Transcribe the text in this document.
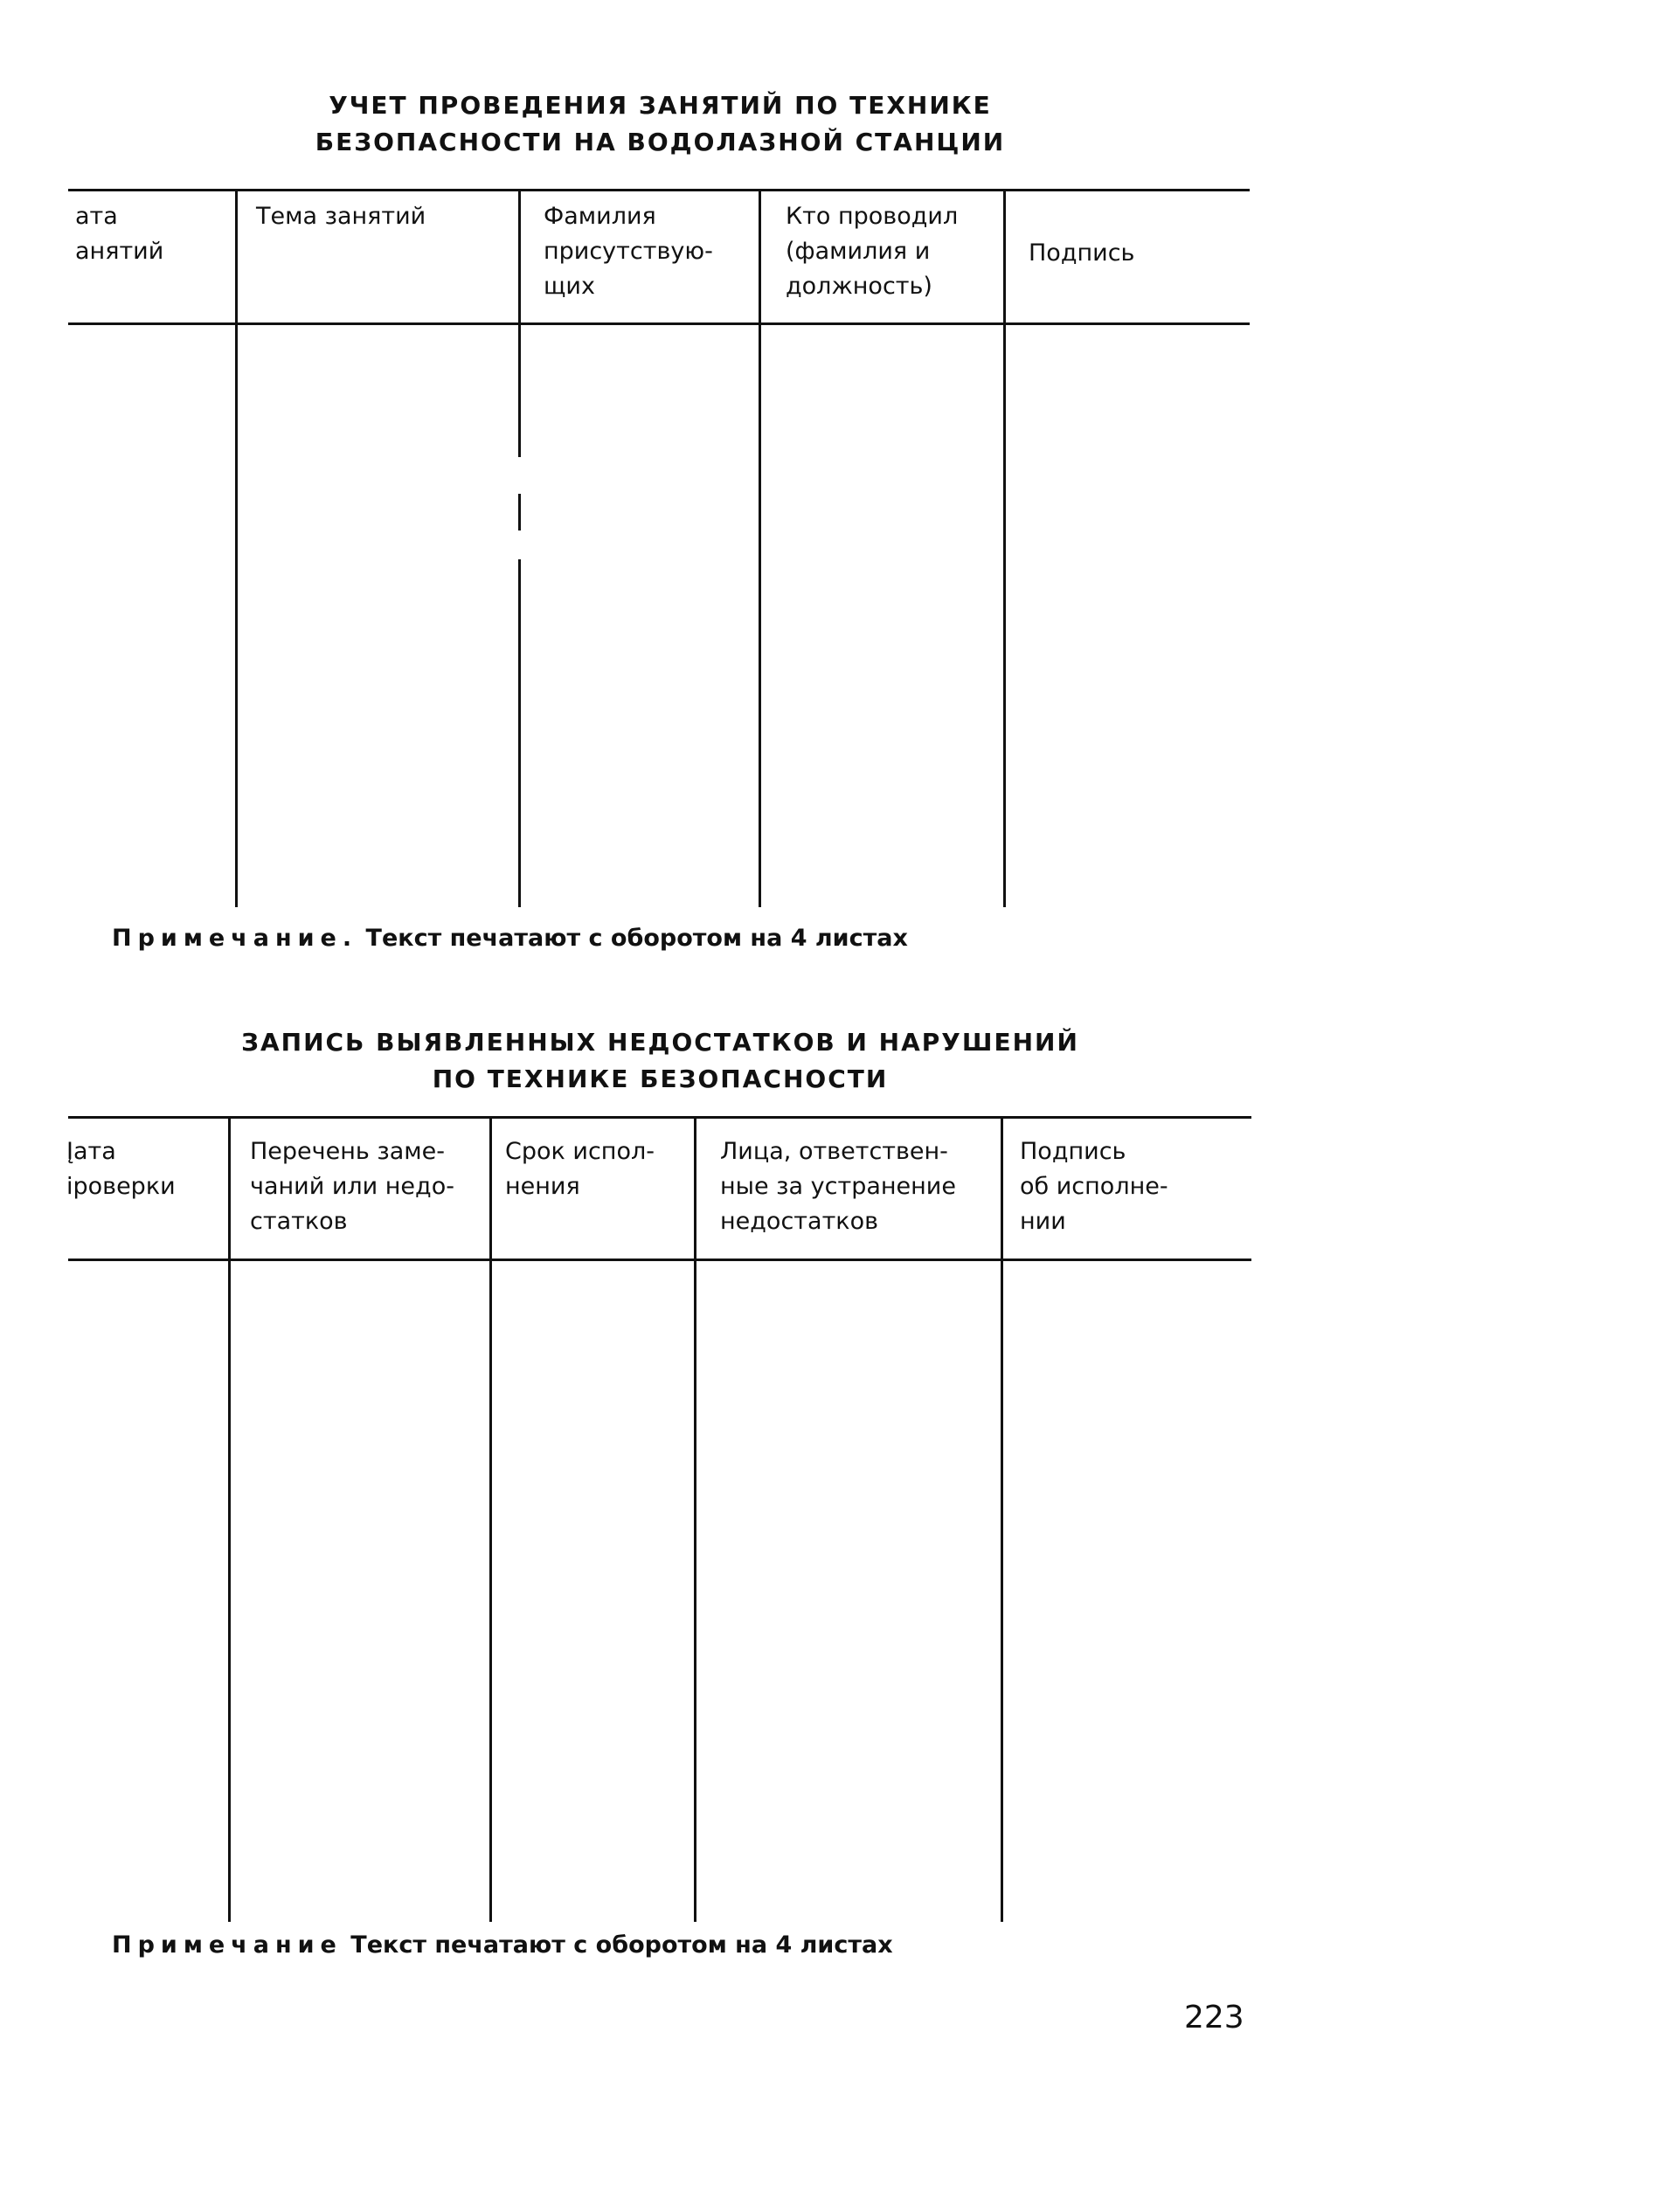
УЧЕТ ПРОВЕДЕНИЯ ЗАНЯТИЙ ПО ТЕХНИКЕ
БЕЗОПАСНОСТИ НА ВОДОЛАЗНОЙ СТАНЦИИ
ата
анятий
Тема занятий	Фамилия
присутствую-
щих
Кто проводил
(фамилия и
должность)
Подпись
Примечание. Текст печатают с оборотом на 4 листах
ЗАПИСЬ ВЫЯВЛЕННЫХ НЕДОСТАТКОВ И НАРУШЕНИЙ
ПО ТЕХНИКЕ БЕЗОПАСНОСТИ
Įата
іроверки
Перечень заме-
чаний или недо-
статков
Срок испол-
нения
Лица, ответствен-
ные за устранение
недостатков
Подпись
об исполне-
нии
Примечание Текст печатают с оборотом на 4 листах
223
